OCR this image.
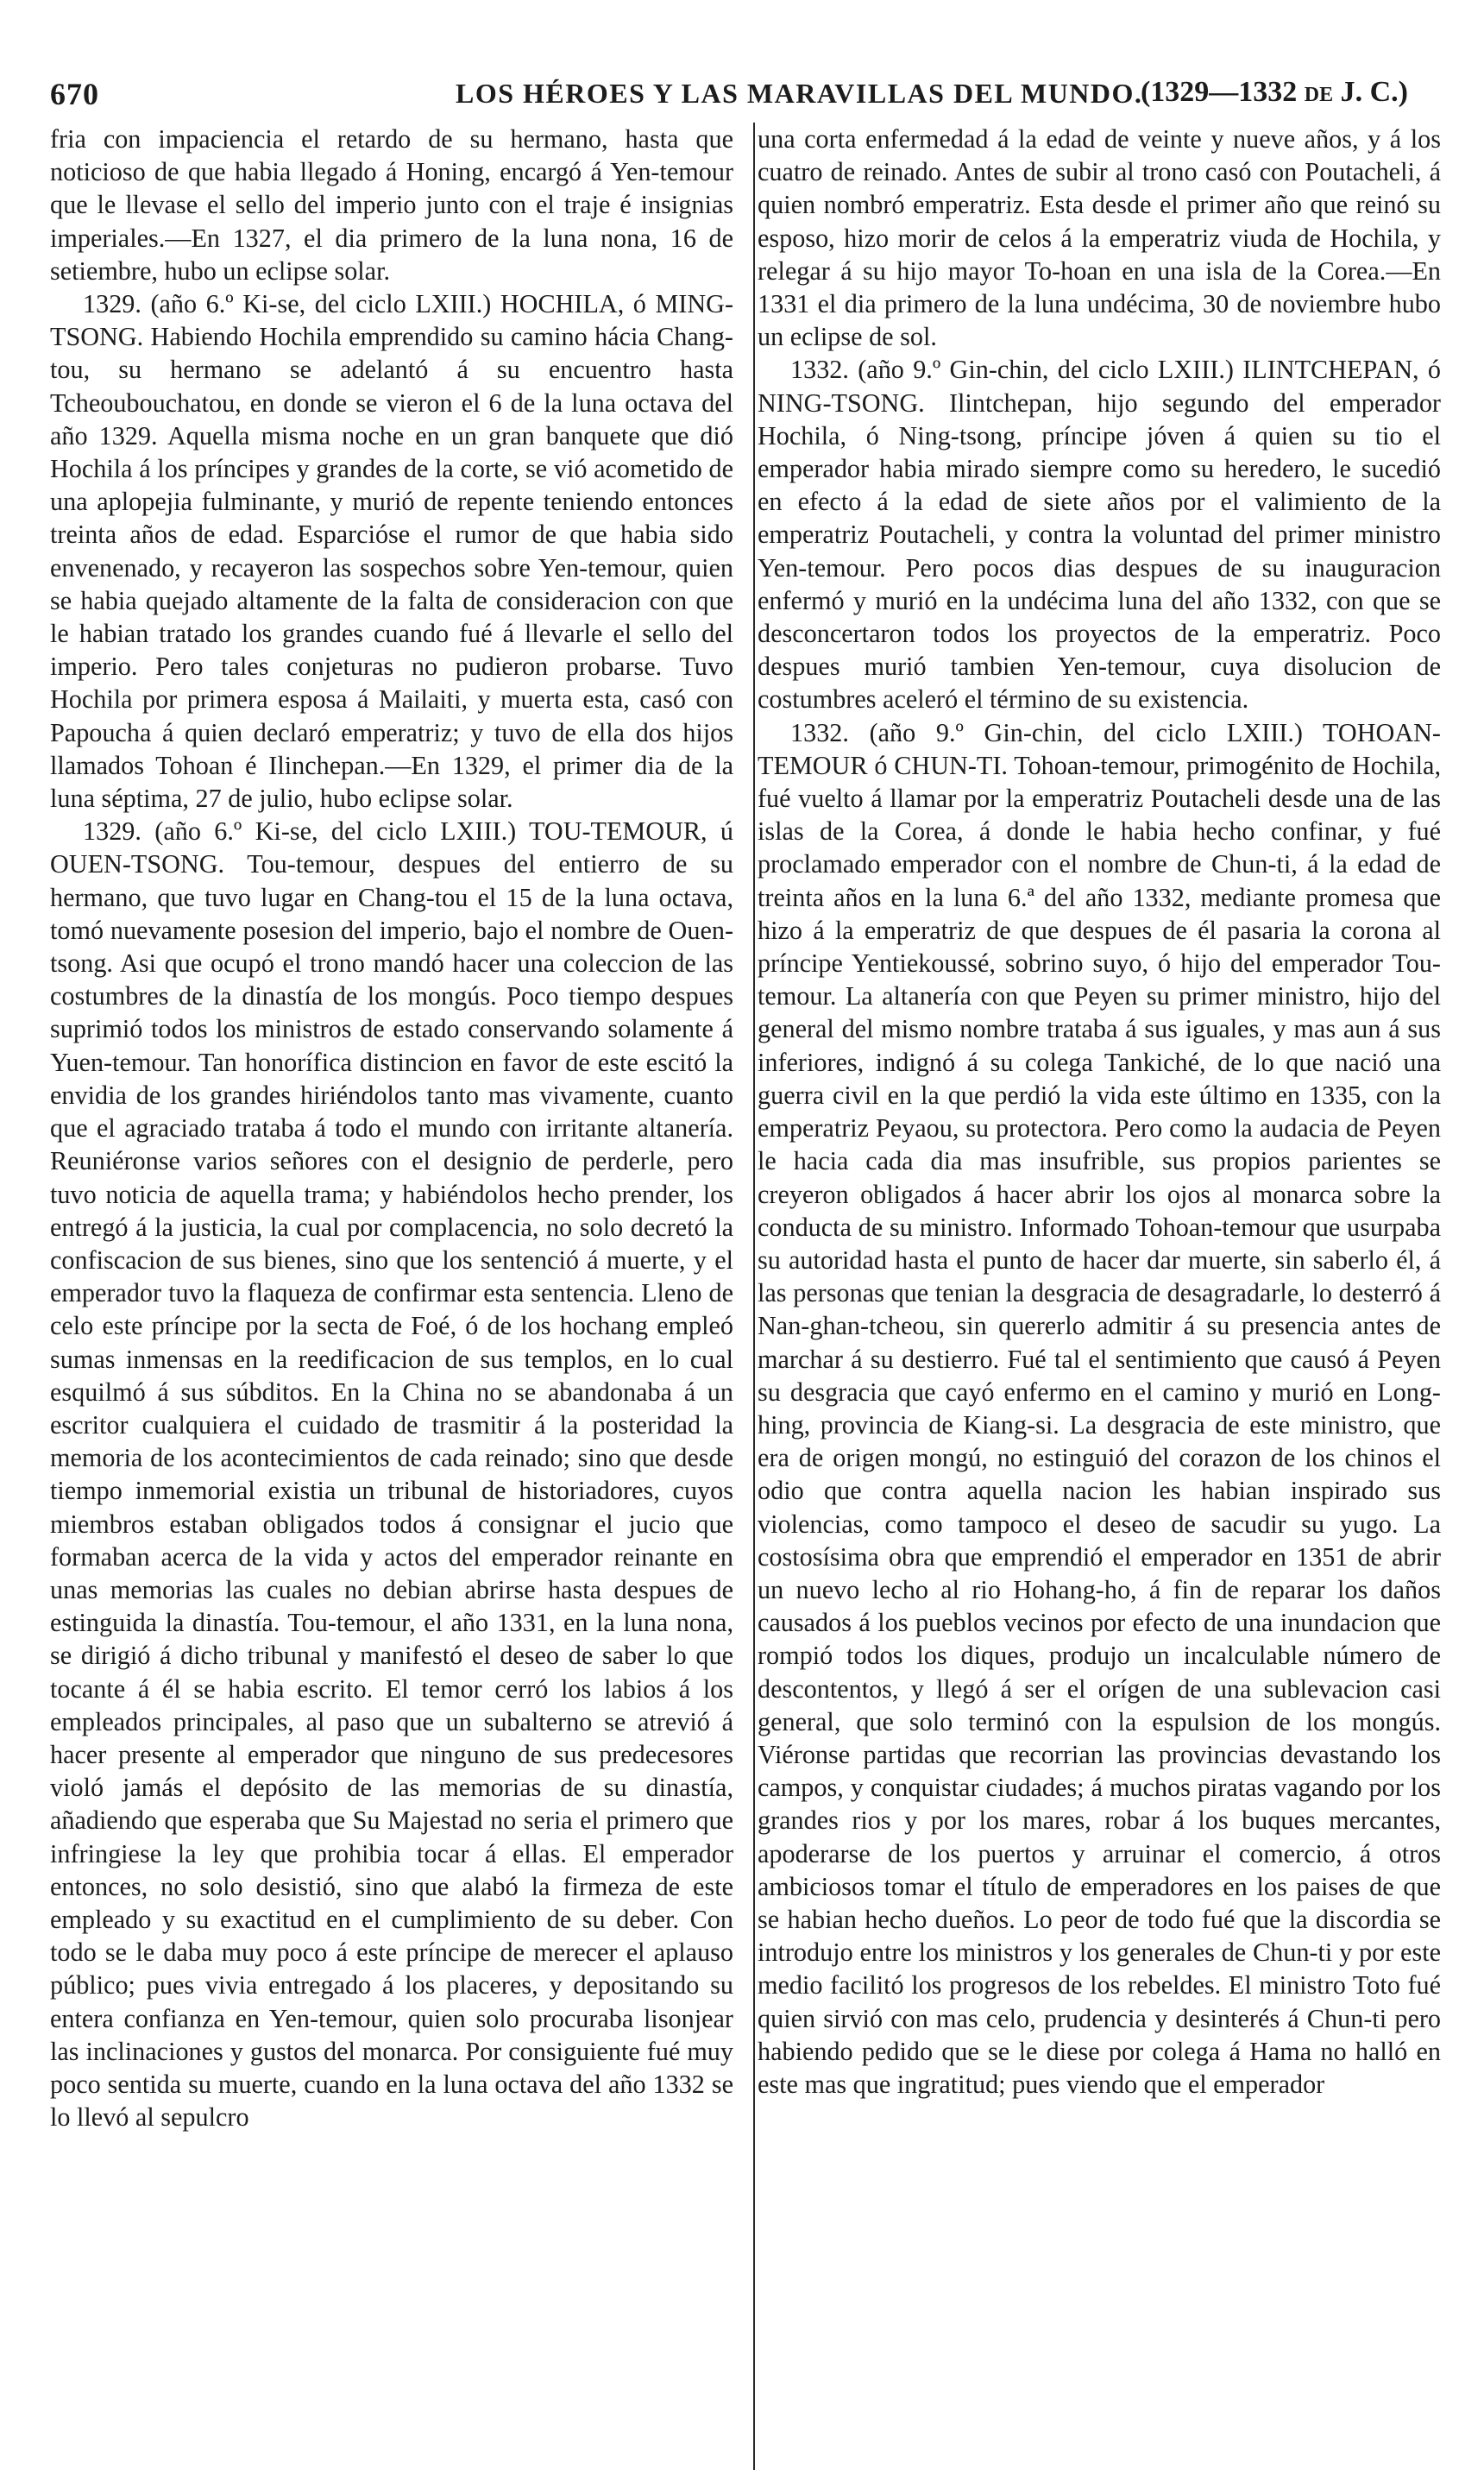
670	LOS HÉROES Y LAS MARAVILLAS DEL MUNDO.
(1329—1332 DE J. C.)

fria con impaciencia el retardo de su hermano, hasta que noticioso de que habia llegado á Honing, encargó á Yen-temour que le llevase el sello del imperio junto con el traje é insignias imperiales.—En 1327, el dia primero de la luna nona, 16 de setiembre, hubo un eclipse solar.

1329. (año 6.º Ki-se, del ciclo LXIII.) HOCHILA, ó MING-TSONG. Habiendo Hochila emprendido su camino hácia Chang-tou, su hermano se adelantó á su encuentro hasta Tcheoubouchatou, en donde se vieron el 6 de la luna octava del año 1329. Aquella misma noche en un gran banquete que dió Hochila á los príncipes y grandes de la corte, se vió acometido de una aplopejia fulminante, y murió de repente teniendo entonces treinta años de edad. Esparcióse el rumor de que habia sido envenenado, y recayeron las sospechos sobre Yen-temour, quien se habia quejado altamente de la falta de consideracion con que le habian tratado los grandes cuando fué á llevarle el sello del imperio. Pero tales conjeturas no pudieron probarse. Tuvo Hochila por primera esposa á Mailaiti, y muerta esta, casó con Papoucha á quien declaró emperatriz; y tuvo de ella dos hijos llamados Tohoan é Ilinchepan.—En 1329, el primer dia de la luna séptima, 27 de julio, hubo eclipse solar.

1329. (año 6.º Ki-se, del ciclo LXIII.) TOU-TEMOUR, ú OUEN-TSONG. Tou-temour, despues del entierro de su hermano, que tuvo lugar en Chang-tou el 15 de la luna octava, tomó nuevamente posesion del imperio, bajo el nombre de Ouen-tsong. Asi que ocupó el trono mandó hacer una coleccion de las costumbres de la dinastía de los mongús. Poco tiempo despues suprimió todos los ministros de estado conservando solamente á Yuen-temour. Tan honorífica distincion en favor de este escitó la envidia de los grandes hiriéndolos tanto mas vivamente, cuanto que el agraciado trataba á todo el mundo con irritante altanería. Reuniéronse varios señores con el designio de perderle, pero tuvo noticia de aquella trama; y habiéndolos hecho prender, los entregó á la justicia, la cual por complacencia, no solo decretó la confiscacion de sus bienes, sino que los sentenció á muerte, y el emperador tuvo la flaqueza de confirmar esta sentencia. Lleno de celo este príncipe por la secta de Foé, ó de los hochang empleó sumas inmensas en la reedificacion de sus templos, en lo cual esquilmó á sus súbditos. En la China no se abandonaba á un escritor cualquiera el cuidado de trasmitir á la posteridad la memoria de los acontecimientos de cada reinado; sino que desde tiempo inmemorial existia un tribunal de historiadores, cuyos miembros estaban obligados todos á consignar el jucio que formaban acerca de la vida y actos del emperador reinante en unas memorias las cuales no debian abrirse hasta despues de estinguida la dinastía. Tou-temour, el año 1331, en la luna nona, se dirigió á dicho tribunal y manifestó el deseo de saber lo que tocante á él se habia escrito. El temor cerró los labios á los empleados principales, al paso que un subalterno se atrevió á hacer presente al emperador que ninguno de sus predecesores violó jamás el depósito de las memorias de su dinastía, añadiendo que esperaba que Su Majestad no seria el primero que infringiese la ley que prohibia tocar á ellas. El emperador entonces, no solo desistió, sino que alabó la firmeza de este empleado y su exactitud en el cumplimiento de su deber. Con todo se le daba muy poco á este príncipe de merecer el aplauso público; pues vivia entregado á los placeres, y depositando su entera confianza en Yen-temour, quien solo procuraba lisonjear las inclinaciones y gustos del monarca. Por consiguiente fué muy poco sentida su muerte, cuando en la luna octava del año 1332 se lo llevó al sepulcro

una corta enfermedad á la edad de veinte y nueve años, y á los cuatro de reinado. Antes de subir al trono casó con Poutacheli, á quien nombró emperatriz. Esta desde el primer año que reinó su esposo, hizo morir de celos á la emperatriz viuda de Hochila, y relegar á su hijo mayor To-hoan en una isla de la Corea.—En 1331 el dia primero de la luna undécima, 30 de noviembre hubo un eclipse de sol.

1332. (año 9.º Gin-chin, del ciclo LXIII.) ILINTCHEPAN, ó NING-TSONG. Ilintchepan, hijo segundo del emperador Hochila, ó Ning-tsong, príncipe jóven á quien su tio el emperador habia mirado siempre como su heredero, le sucedió en efecto á la edad de siete años por el valimiento de la emperatriz Poutacheli, y contra la voluntad del primer ministro Yen-temour. Pero pocos dias despues de su inauguracion enfermó y murió en la undécima luna del año 1332, con que se desconcertaron todos los proyectos de la emperatriz. Poco despues murió tambien Yen-temour, cuya disolucion de costumbres aceleró el término de su existencia.

1332. (año 9.º Gin-chin, del ciclo LXIII.) TOHOAN-TEMOUR ó CHUN-TI. Tohoan-temour, primogénito de Hochila, fué vuelto á llamar por la emperatriz Poutacheli desde una de las islas de la Corea, á donde le habia hecho confinar, y fué proclamado emperador con el nombre de Chun-ti, á la edad de treinta años en la luna 6.ª del año 1332, mediante promesa que hizo á la emperatriz de que despues de él pasaria la corona al príncipe Yentiekoussé, sobrino suyo, ó hijo del emperador Tou-temour. La altanería con que Peyen su primer ministro, hijo del general del mismo nombre trataba á sus iguales, y mas aun á sus inferiores, indignó á su colega Tankiché, de lo que nació una guerra civil en la que perdió la vida este último en 1335, con la emperatriz Peyaou, su protectora. Pero como la audacia de Peyen le hacia cada dia mas insufrible, sus propios parientes se creyeron obligados á hacer abrir los ojos al monarca sobre la conducta de su ministro. Informado Tohoan-temour que usurpaba su autoridad hasta el punto de hacer dar muerte, sin saberlo él, á las personas que tenian la desgracia de desagradarle, lo desterró á Nan-ghan-tcheou, sin quererlo admitir á su presencia antes de marchar á su destierro. Fué tal el sentimiento que causó á Peyen su desgracia que cayó enfermo en el camino y murió en Long-hing, provincia de Kiang-si. La desgracia de este ministro, que era de origen mongú, no estinguió del corazon de los chinos el odio que contra aquella nacion les habian inspirado sus violencias, como tampoco el deseo de sacudir su yugo. La costosísima obra que emprendió el emperador en 1351 de abrir un nuevo lecho al rio Hohang-ho, á fin de reparar los daños causados á los pueblos vecinos por efecto de una inundacion que rompió todos los diques, produjo un incalculable número de descontentos, y llegó á ser el orígen de una sublevacion casi general, que solo terminó con la espulsion de los mongús. Viéronse partidas que recorrian las provincias devastando los campos, y conquistar ciudades; á muchos piratas vagando por los grandes rios y por los mares, robar á los buques mercantes, apoderarse de los puertos y arruinar el comercio, á otros ambiciosos tomar el título de emperadores en los paises de que se habian hecho dueños. Lo peor de todo fué que la discordia se introdujo entre los ministros y los generales de Chun-ti y por este medio facilitó los progresos de los rebeldes. El ministro Toto fué quien sirvió con mas celo, prudencia y desinterés á Chun-ti pero habiendo pedido que se le diese por colega á Hama no halló en este mas que ingratitud; pues viendo que el emperador
